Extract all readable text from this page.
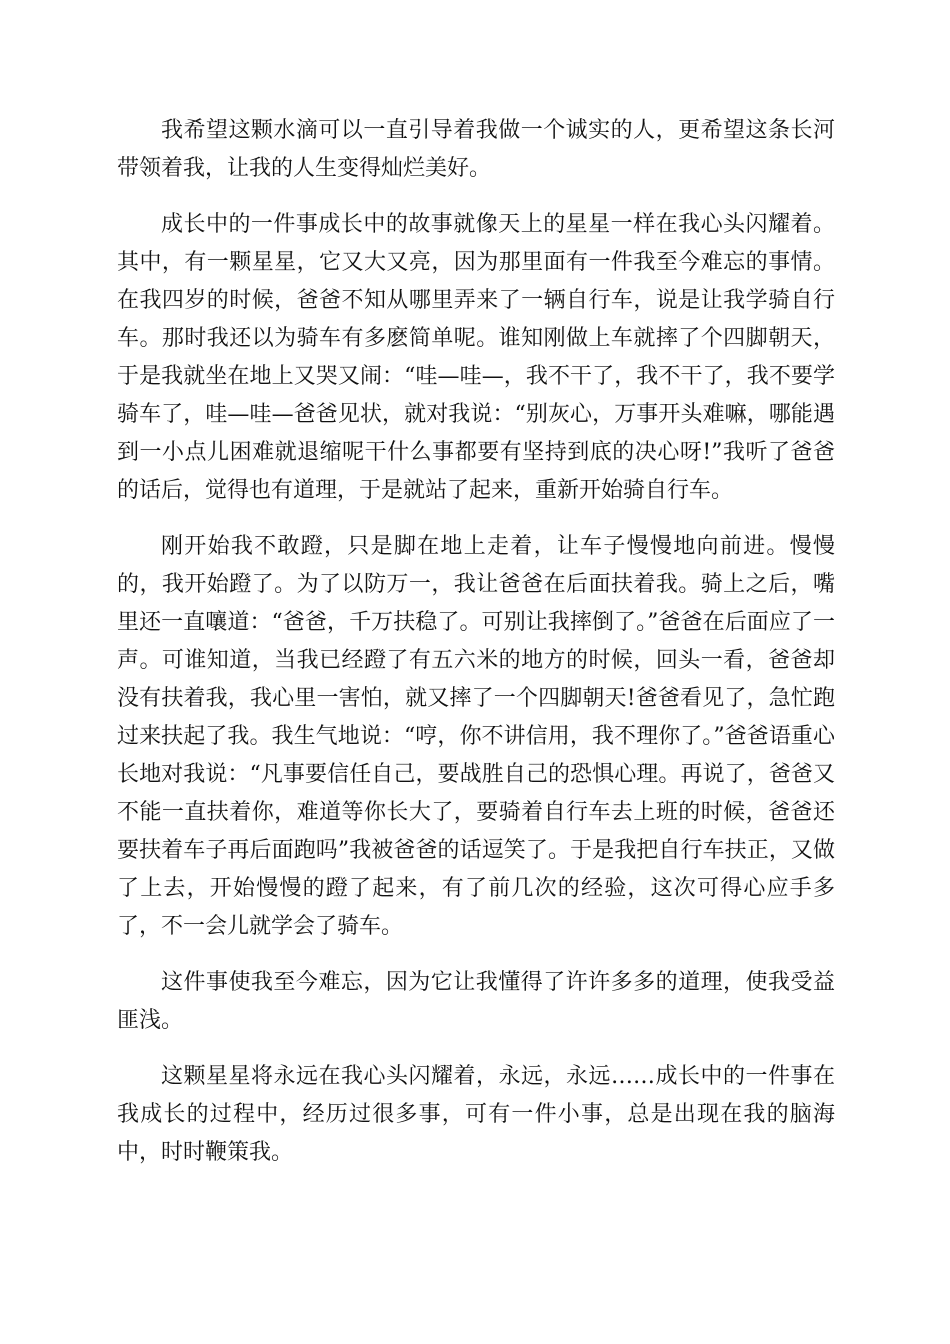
我希望这颗水滴可以一直引导着我做一个诚实的人，更希望这条长河带领着我，让我的人生变得灿烂美好。

成长中的一件事成长中的故事就像天上的星星一样在我心头闪耀着。其中，有一颗星星，它又大又亮，因为那里面有一件我至今难忘的事情。在我四岁的时候，爸爸不知从哪里弄来了一辆自行车，说是让我学骑自行车。那时我还以为骑车有多麽简单呢。谁知刚做上车就摔了个四脚朝天，于是我就坐在地上又哭又闹：“哇—哇—，我不干了，我不干了，我不要学骑车了，哇—哇—爸爸见状，就对我说：“别灰心，万事开头难嘛，哪能遇到一小点儿困难就退缩呢干什么事都要有坚持到底的决心呀!”我听了爸爸的话后，觉得也有道理，于是就站了起来，重新开始骑自行车。

刚开始我不敢蹬，只是脚在地上走着，让车子慢慢地向前进。慢慢的，我开始蹬了。为了以防万一，我让爸爸在后面扶着我。骑上之后，嘴里还一直嚷道：“爸爸，千万扶稳了。可别让我摔倒了。”爸爸在后面应了一声。可谁知道，当我已经蹬了有五六米的地方的时候，回头一看，爸爸却没有扶着我，我心里一害怕，就又摔了一个四脚朝天!爸爸看见了，急忙跑过来扶起了我。我生气地说：“哼，你不讲信用，我不理你了。”爸爸语重心长地对我说：“凡事要信任自己，要战胜自己的恐惧心理。再说了，爸爸又不能一直扶着你，难道等你长大了，要骑着自行车去上班的时候，爸爸还要扶着车子再后面跑吗”我被爸爸的话逗笑了。于是我把自行车扶正，又做了上去，开始慢慢的蹬了起来，有了前几次的经验，这次可得心应手多了，不一会儿就学会了骑车。

这件事使我至今难忘，因为它让我懂得了许许多多的道理，使我受益匪浅。

这颗星星将永远在我心头闪耀着，永远，永远……成长中的一件事在我成长的过程中，经历过很多事，可有一件小事，总是出现在我的脑海中，时时鞭策我。
